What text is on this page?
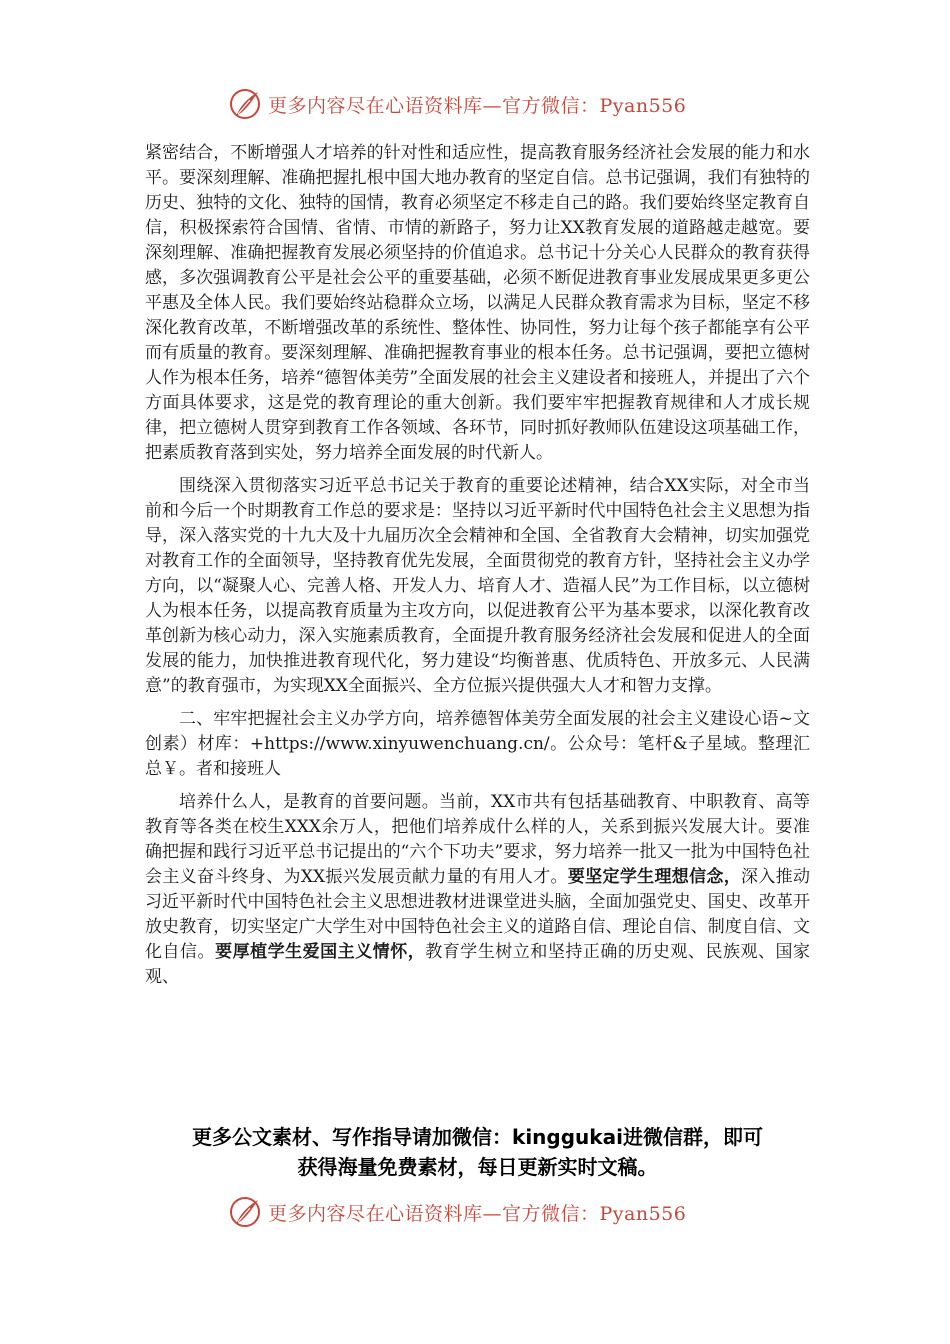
更多内容尽在心语资料库—官方微信：Pyan556

紧密结合，不断增强人才培养的针对性和适应性，提高教育服务经济社会发展的能力和水平。要深刻理解、准确把握扎根中国大地办教育的坚定自信。总书记强调，我们有独特的历史、独特的文化、独特的国情，教育必须坚定不移走自己的路。我们要始终坚定教育自信，积极探索符合国情、省情、市情的新路子，努力让XX教育发展的道路越走越宽。要深刻理解、准确把握教育发展必须坚持的价值追求。总书记十分关心人民群众的教育获得感，多次强调教育公平是社会公平的重要基础，必须不断促进教育事业发展成果更多更公平惠及全体人民。我们要始终站稳群众立场，以满足人民群众教育需求为目标，坚定不移深化教育改革，不断增强改革的系统性、整体性、协同性，努力让每个孩子都能享有公平而有质量的教育。要深刻理解、准确把握教育事业的根本任务。总书记强调，要把立德树人作为根本任务，培养“德智体美劳”全面发展的社会主义建设者和接班人，并提出了六个方面具体要求，这是党的教育理论的重大创新。我们要牢牢把握教育规律和人才成长规律，把立德树人贯穿到教育工作各领域、各环节，同时抓好教师队伍建设这项基础工作，把素质教育落到实处，努力培养全面发展的时代新人。

围绕深入贯彻落实习近平总书记关于教育的重要论述精神，结合XX实际，对全市当前和今后一个时期教育工作总的要求是：坚持以习近平新时代中国特色社会主义思想为指导，深入落实党的十九大及十九届历次全会精神和全国、全省教育大会精神，切实加强党对教育工作的全面领导，坚持教育优先发展，全面贯彻党的教育方针，坚持社会主义办学方向，以“凝聚人心、完善人格、开发人力、培育人才、造福人民”为工作目标，以立德树人为根本任务，以提高教育质量为主攻方向，以促进教育公平为基本要求，以深化教育改革创新为核心动力，深入实施素质教育，全面提升教育服务经济社会发展和促进人的全面发展的能力，加快推进教育现代化，努力建设“均衡普惠、优质特色、开放多元、人民满意”的教育强市，为实现XX全面振兴、全方位振兴提供强大人才和智力支撑。

二、牢牢把握社会主义办学方向，培养德智体美劳全面发展的社会主义建设心语~文创素）材库：+https://www.xinyuwenchuang.cn/。公众号：笔杆&子星域。整理汇总￥。者和接班人

培养什么人，是教育的首要问题。当前，XX市共有包括基础教育、中职教育、高等教育等各类在校生XXX余万人，把他们培养成什么样的人，关系到振兴发展大计。要准确把握和践行习近平总书记提出的“六个下功夫”要求，努力培养一批又一批为中国特色社会主义奋斗终身、为XX振兴发展贡献力量的有用人才。要坚定学生理想信念，深入推动习近平新时代中国特色社会主义思想进教材进课堂进头脑，全面加强党史、国史、改革开放史教育，切实坚定广大学生对中国特色社会主义的道路自信、理论自信、制度自信、文化自信。要厚植学生爱国主义情怀，教育学生树立和坚持正确的历史观、民族观、国家观、

更多公文素材、写作指导请加微信：kinggukai进微信群，即可
获得海量免费素材，每日更新实时文稿。
更多内容尽在心语资料库—官方微信：Pyan556
